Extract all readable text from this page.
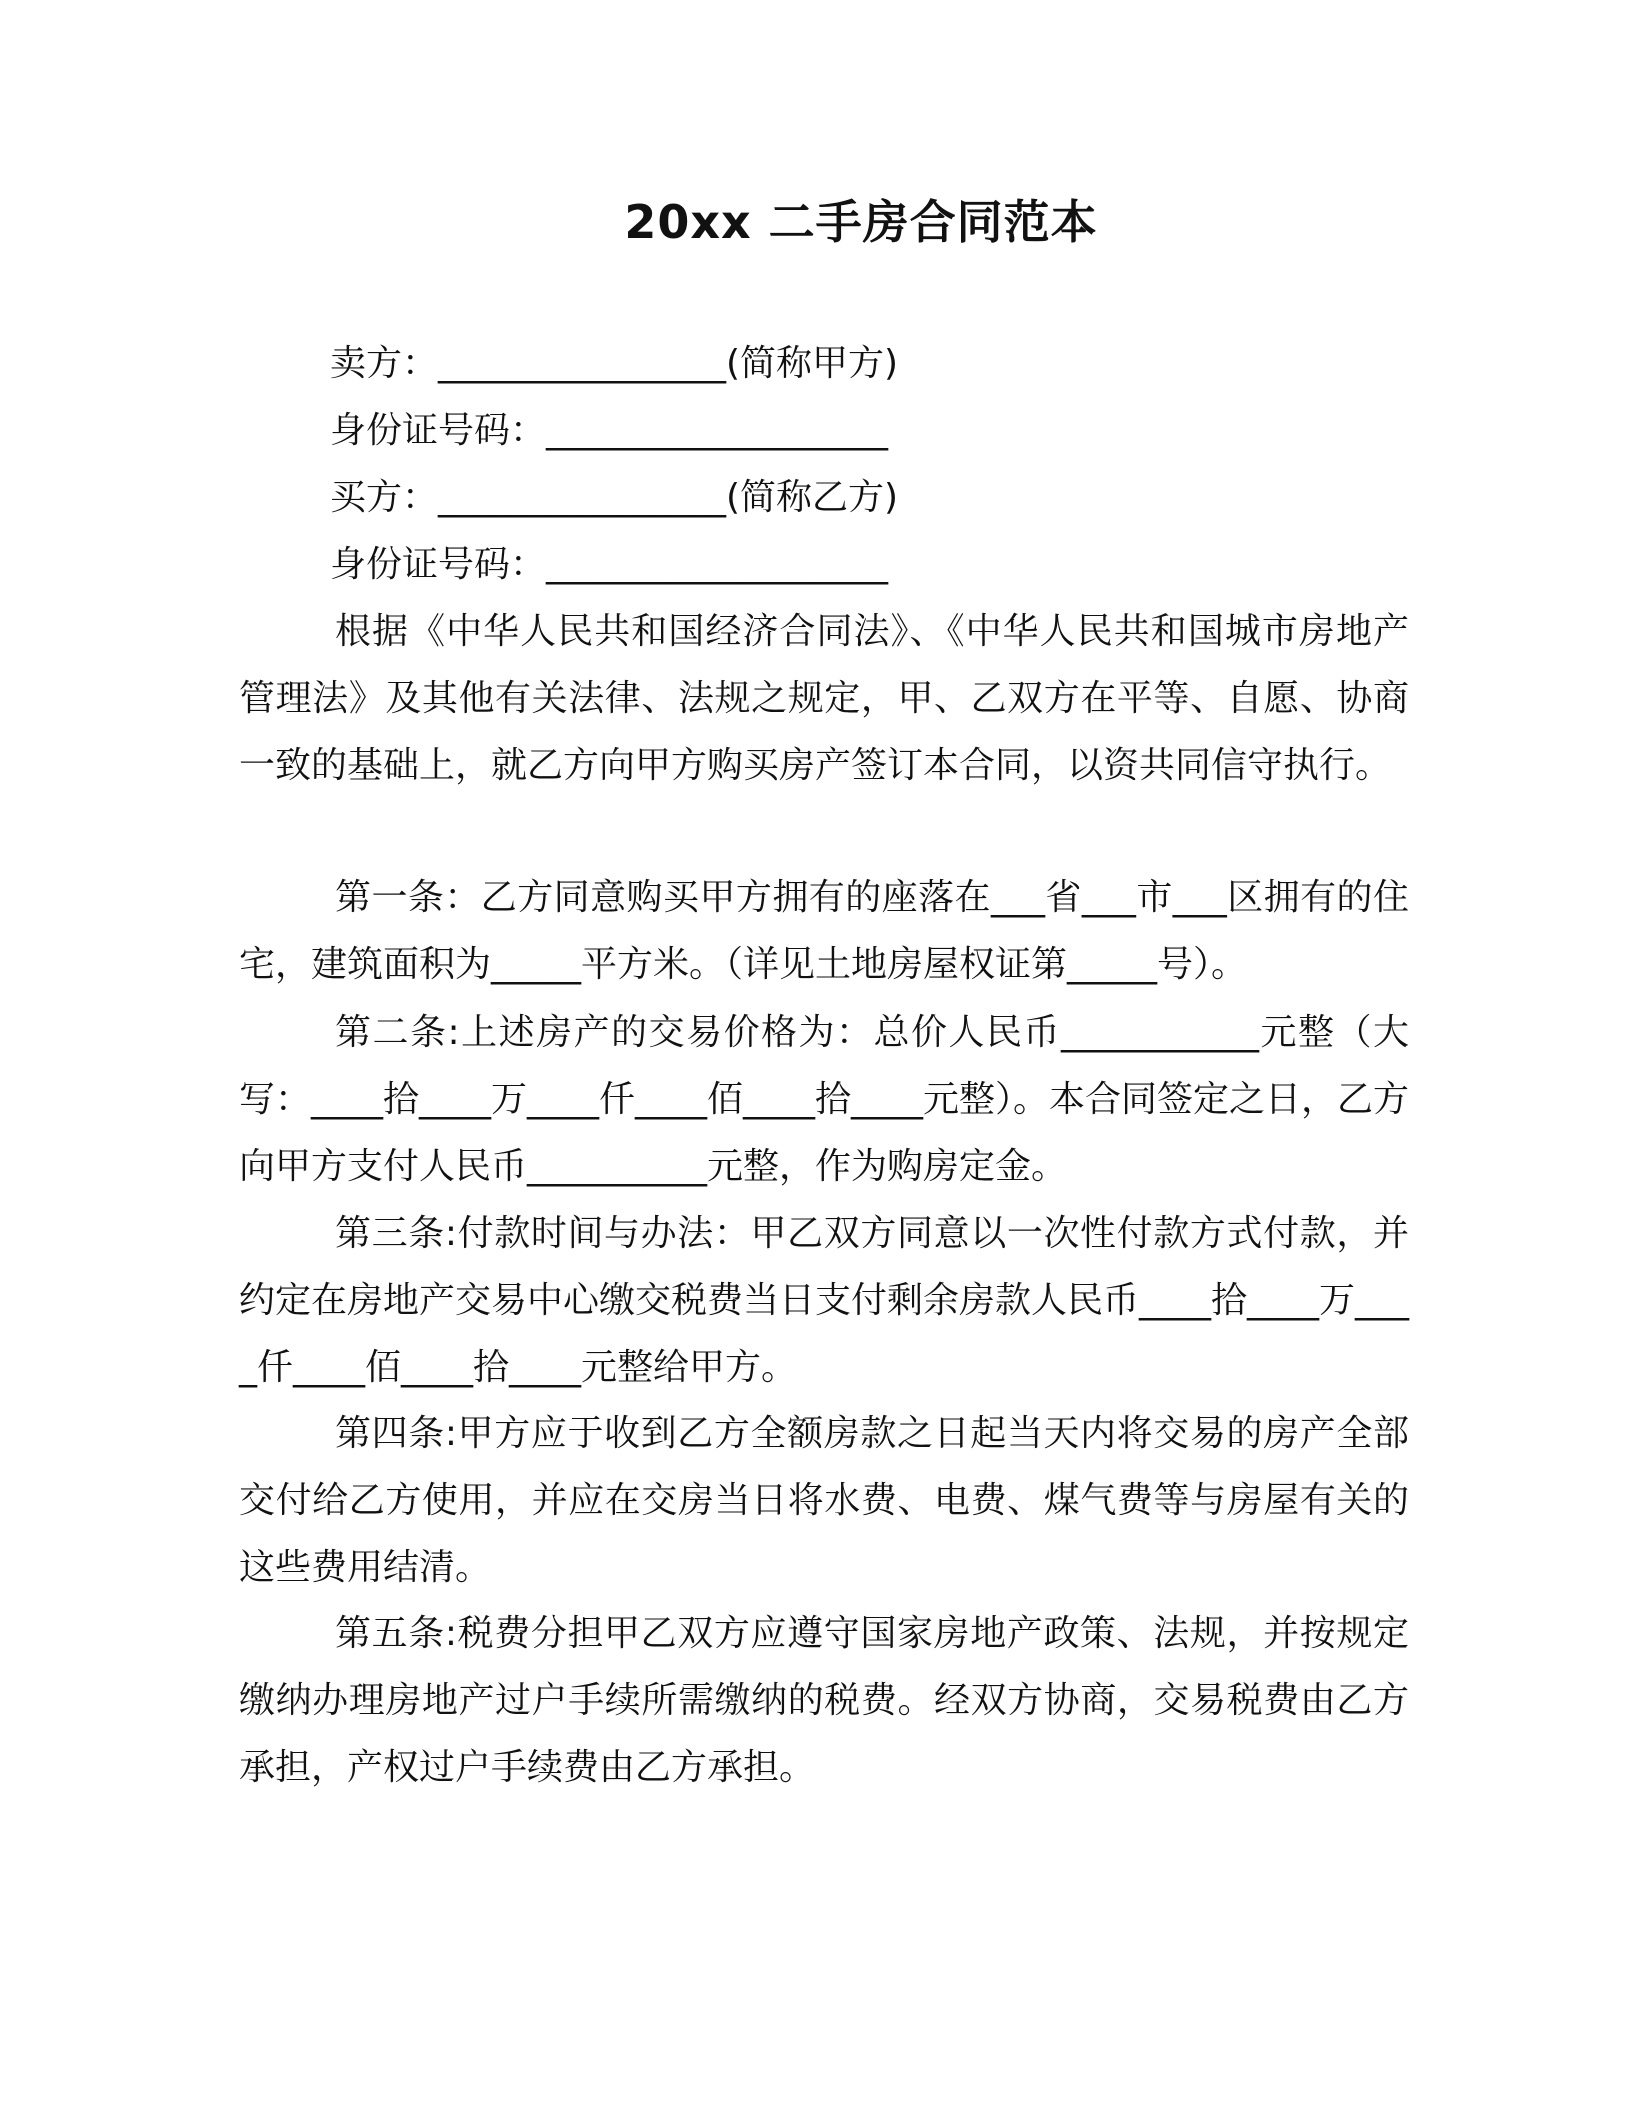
20xx 二手房合同范本
卖方：________________(简称甲方)
身份证号码：___________________
买方：________________(简称乙方)
身份证号码：___________________

根据《中华人民共和国经济合同法》、《中华人民共和国城市房地产管理法》及其他有关法律、法规之规定，甲、乙双方在平等、自愿、协商一致的基础上，就乙方向甲方购买房产签订本合同，以资共同信守执行。

第一条：乙方同意购买甲方拥有的座落在___省___市___区拥有的住宅，建筑面积为_____平方米。（详见土地房屋权证第_____号）。

第二条:上述房产的交易价格为：总价人民币___________元整（大写：____拾____万____仟____佰____拾____元整）。本合同签定之日，乙方向甲方支付人民币__________元整，作为购房定金。

第三条:付款时间与办法：甲乙双方同意以一次性付款方式付款，并约定在房地产交易中心缴交税费当日支付剩余房款人民币____拾____万____仟____佰____拾____元整给甲方。

第四条:甲方应于收到乙方全额房款之日起当天内将交易的房产全部交付给乙方使用，并应在交房当日将水费、电费、煤气费等与房屋有关的这些费用结清。

第五条:税费分担甲乙双方应遵守国家房地产政策、法规，并按规定缴纳办理房地产过户手续所需缴纳的税费。经双方协商，交易税费由乙方承担，产权过户手续费由乙方承担。
